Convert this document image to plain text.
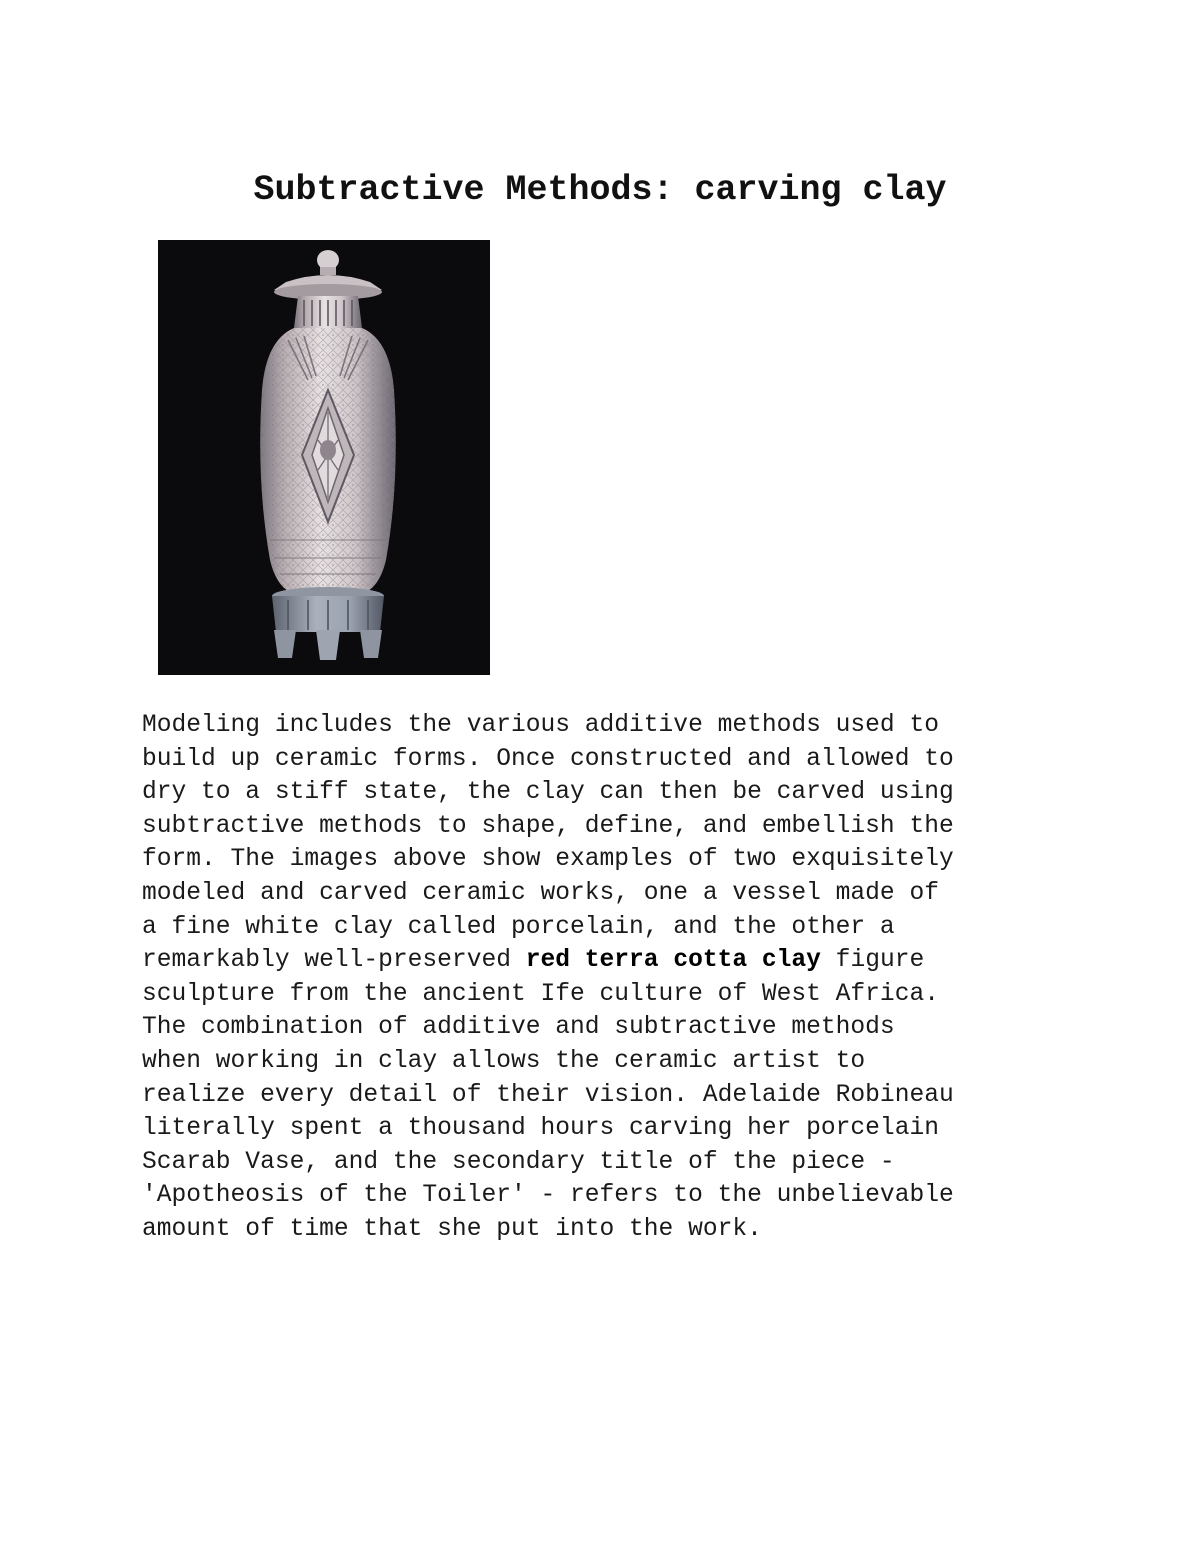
Subtractive Methods: carving clay
Modeling includes the various additive methods used to
build up ceramic forms. Once constructed and allowed to
dry to a stiff state, the clay can then be carved using
subtractive methods to shape, define, and embellish the
form. The images above show examples of two exquisitely
modeled and carved ceramic works, one a vessel made of
a fine white clay called porcelain, and the other a
remarkably well-preserved red terra cotta clay figure
sculpture from the ancient Ife culture of West Africa.
The combination of additive and subtractive methods
when working in clay allows the ceramic artist to
realize every detail of their vision. Adelaide Robineau
literally spent a thousand hours carving her porcelain
Scarab Vase, and the secondary title of the piece -
'Apotheosis of the Toiler' - refers to the unbelievable
amount of time that she put into the work.
